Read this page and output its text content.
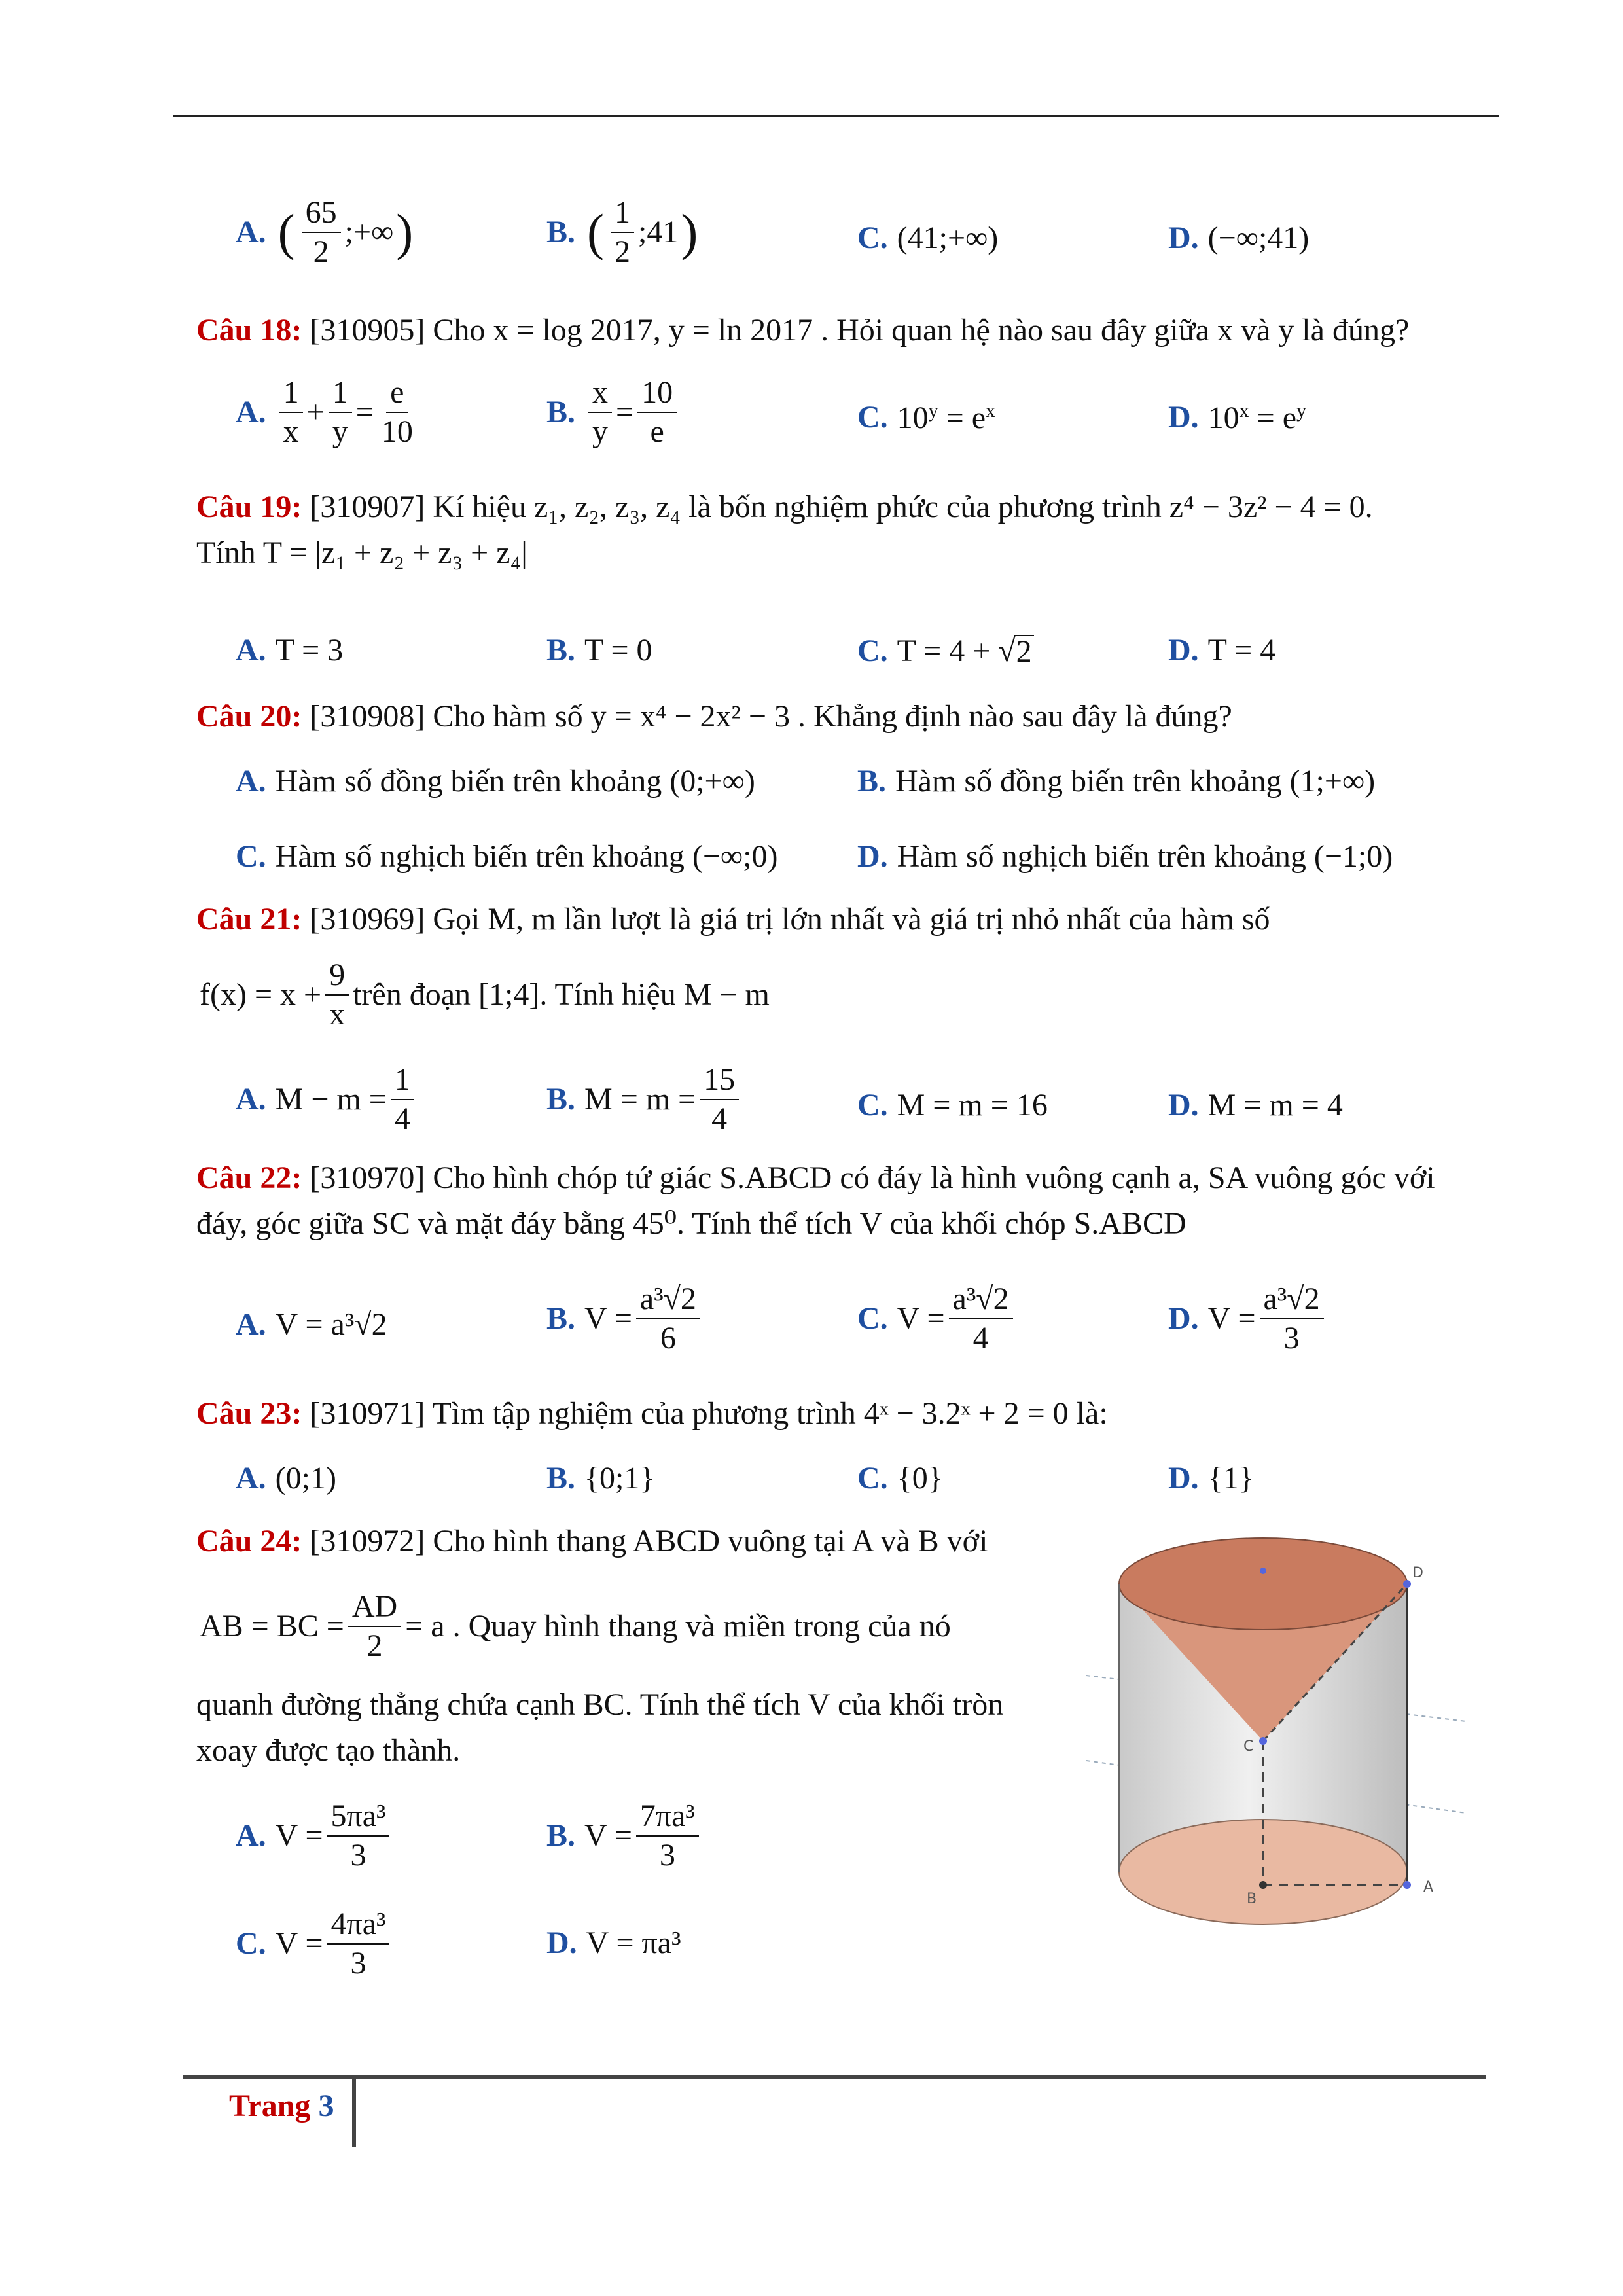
A. ( $\frac{65}{2}$ ;+∞ )	B. ( $\frac{1}{2}$ ;41 )	C. (41;+∞)	D. (−∞;41)
Câu 18: [310905] Cho x = log 2017, y = ln 2017 . Hỏi quan hệ nào sau đây giữa x và y là đúng?
A. $\frac{1}{x} + \frac{1}{y} = \frac{e}{10}$	B. $\frac{x}{y} = \frac{10}{e}$	C. $10^y = e^x$	D. $10^x = e^y$
Câu 19: [310907] Kí hiệu z₁, z₂, z₃, z₄ là bốn nghiệm phức của phương trình z⁴ − 3z² − 4 = 0.
Tính T = |z₁ + z₂ + z₃ + z₄|
A. T = 3	B. T = 0	C. T = 4 + √ 2	D. T = 4
Câu 20: [310908] Cho hàm số y = x⁴ − 2x² − 3 . Khẳng định nào sau đây là đúng?
A. Hàm số đồng biến trên khoảng (0;+∞)	B. Hàm số đồng biến trên khoảng (1;+∞)
C. Hàm số nghịch biến trên khoảng (−∞;0)	D. Hàm số nghịch biến trên khoảng (−1;0)
Câu 21: [310969] Gọi M, m lần lượt là giá trị lớn nhất và giá trị nhỏ nhất của hàm số
$f(x) = x + \frac{9}{x}$ trên đoạn [1;4]. Tính hiệu M − m
A. $M - m = \frac{1}{4}$	B. $M = m = \frac{15}{4}$	C. M = m = 16	D. M = m = 4
Câu 22: [310970] Cho hình chóp tứ giác S.ABCD có đáy là hình vuông cạnh a, SA vuông góc với đáy, góc giữa SC và mặt đáy bằng 45⁰. Tính thể tích V của khối chóp S.ABCD
A. V = a³√2	B. $V = \frac{\text{a³√2}}{6}$	C. $V = \frac{\text{a³√2}}{4}$	D. $V = \frac{\text{a³√2}}{3}$
Câu 23: [310971] Tìm tập nghiệm của phương trình 4ˣ − 3.2ˣ + 2 = 0 là:
A. (0;1)	B. {0;1}	C. {0}	D. {1}
Câu 24: [310972] Cho hình thang ABCD vuông tại A và B với
AB = BC = $\frac{AD}{2} = a$ . Quay hình thang và miền trong của nó
quanh đường thẳng chứa cạnh BC. Tính thể tích V của khối tròn
xoay được tạo thành.
A. $V = \frac{\text{5πa³}}{3}$	B. $V = \frac{\text{7πa³}}{3}$
C. $V = \frac{\text{4πa³}}{3}$	D. V = πa³
D
C
B
A
Trang 3
